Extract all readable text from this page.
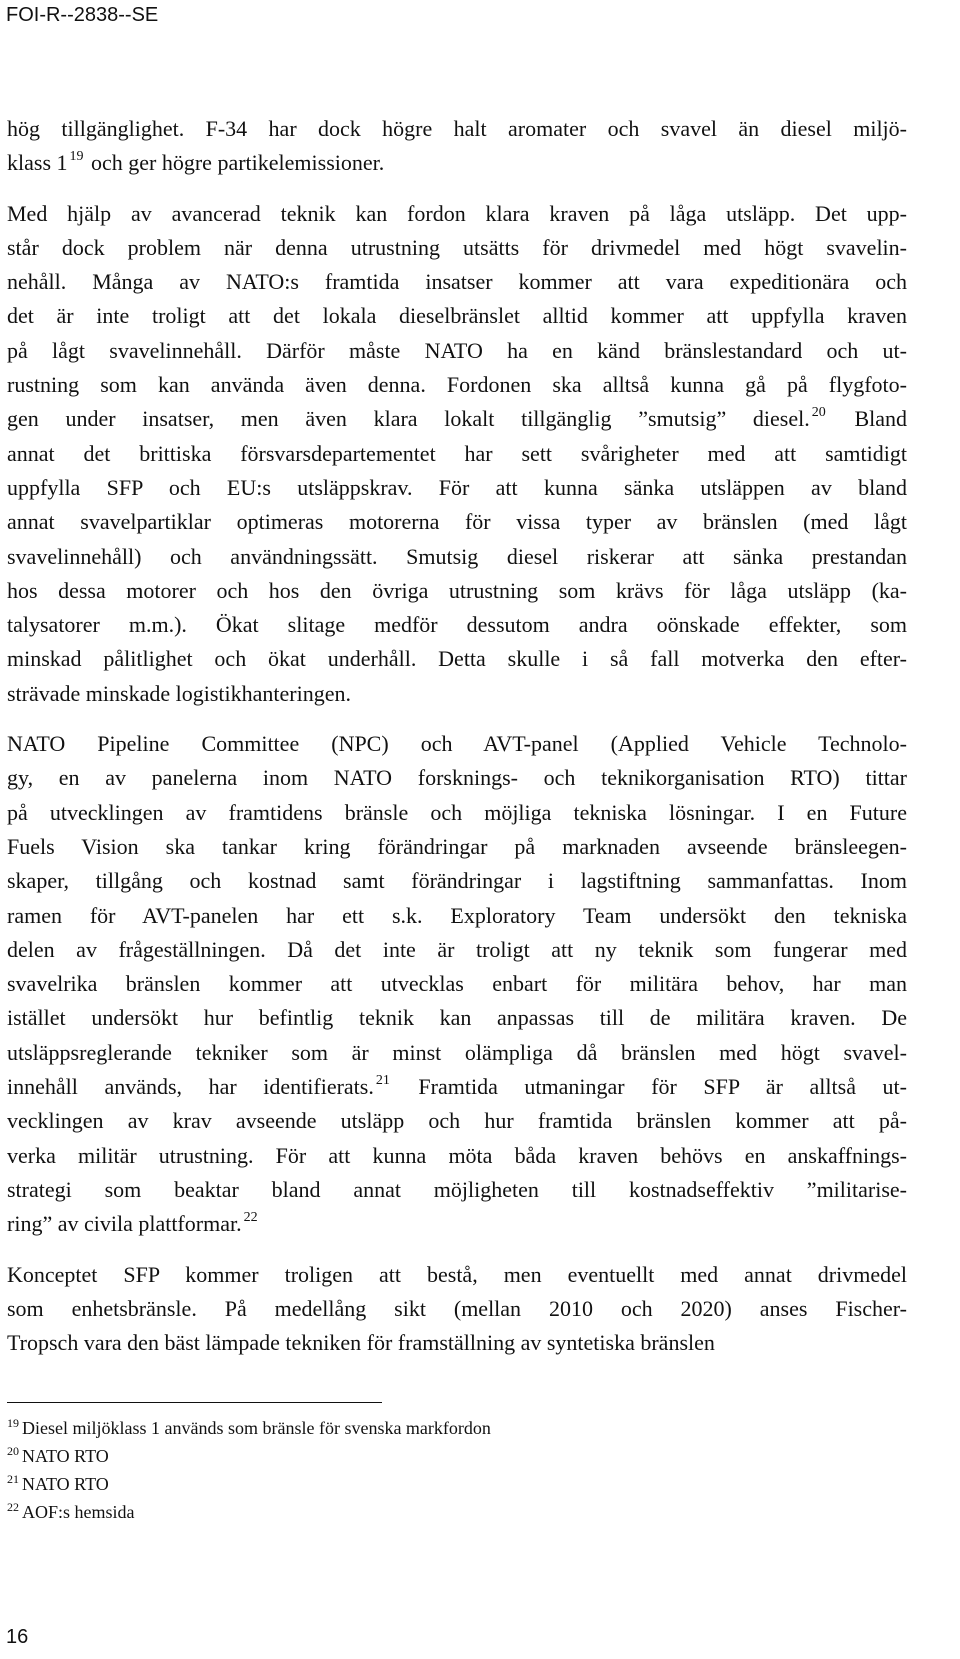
FOI-R--2838--SE

hög tillgänglighet. F-34 har dock högre halt aromater och svavel än diesel miljö-
klass 1 $^{19}$ och ger högre partikelemissioner.

Med hjälp av avancerad teknik kan fordon klara kraven på låga utsläpp. Det upp-
står dock problem när denna utrustning utsätts för drivmedel med högt svavelin-
nehåll. Många av NATO:s framtida insatser kommer att vara expeditionära och
det är inte troligt att det lokala dieselbränslet alltid kommer att uppfylla kraven
på lågt svavelinnehåll. Därför måste NATO ha en känd bränslestandard och ut-
rustning som kan använda även denna. Fordonen ska alltså kunna gå på flygfoto-
gen under insatser, men även klara lokalt tillgänglig ”smutsig” diesel. $^{20}$ Bland
annat det brittiska försvarsdepartementet har sett svårigheter med att samtidigt
uppfylla SFP och EU:s utsläppskrav. För att kunna sänka utsläppen av bland
annat svavelpartiklar optimeras motorerna för vissa typer av bränslen (med lågt
svavelinnehåll) och användningssätt. Smutsig diesel riskerar att sänka prestandan
hos dessa motorer och hos den övriga utrustning som krävs för låga utsläpp (ka-
talysatorer m.m.). Ökat slitage medför dessutom andra oönskade effekter, som
minskad pålitlighet och ökat underhåll. Detta skulle i så fall motverka den efter-
strävade minskade logistikhanteringen.

NATO Pipeline Committee (NPC) och AVT-panel (Applied Vehicle Technolo-
gy, en av panelerna inom NATO forsknings- och teknikorganisation RTO) tittar
på utvecklingen av framtidens bränsle och möjliga tekniska lösningar. I en Future
Fuels Vision ska tankar kring förändringar på marknaden avseende bränsleegen-
skaper, tillgång och kostnad samt förändringar i lagstiftning sammanfattas. Inom
ramen för AVT-panelen har ett s.k. Exploratory Team undersökt den tekniska
delen av frågeställningen. Då det inte är troligt att ny teknik som fungerar med
svavelrika bränslen kommer att utvecklas enbart för militära behov, har man
istället undersökt hur befintlig teknik kan anpassas till de militära kraven. De
utsläppsreglerande tekniker som är minst olämpliga då bränslen med högt svavel-
innehåll används, har identifierats. $^{21}$ Framtida utmaningar för SFP är alltså ut-
vecklingen av krav avseende utsläpp och hur framtida bränslen kommer att på-
verka militär utrustning. För att kunna möta båda kraven behövs en anskaffnings-
strategi som beaktar bland annat möjligheten till kostnadseffektiv ”militarise-
ring” av civila plattformar. $^{22}$

Konceptet SFP kommer troligen att bestå, men eventuellt med annat drivmedel
som enhetsbränsle. På medellång sikt (mellan 2010 och 2020) anses Fischer-
Tropsch vara den bäst lämpade tekniken för framställning av syntetiska bränslen

$^{19}$ Diesel miljöklass 1 används som bränsle för svenska markfordon
$^{20}$ NATO RTO
$^{21}$ NATO RTO
$^{22}$ AOF:s hemsida
16
